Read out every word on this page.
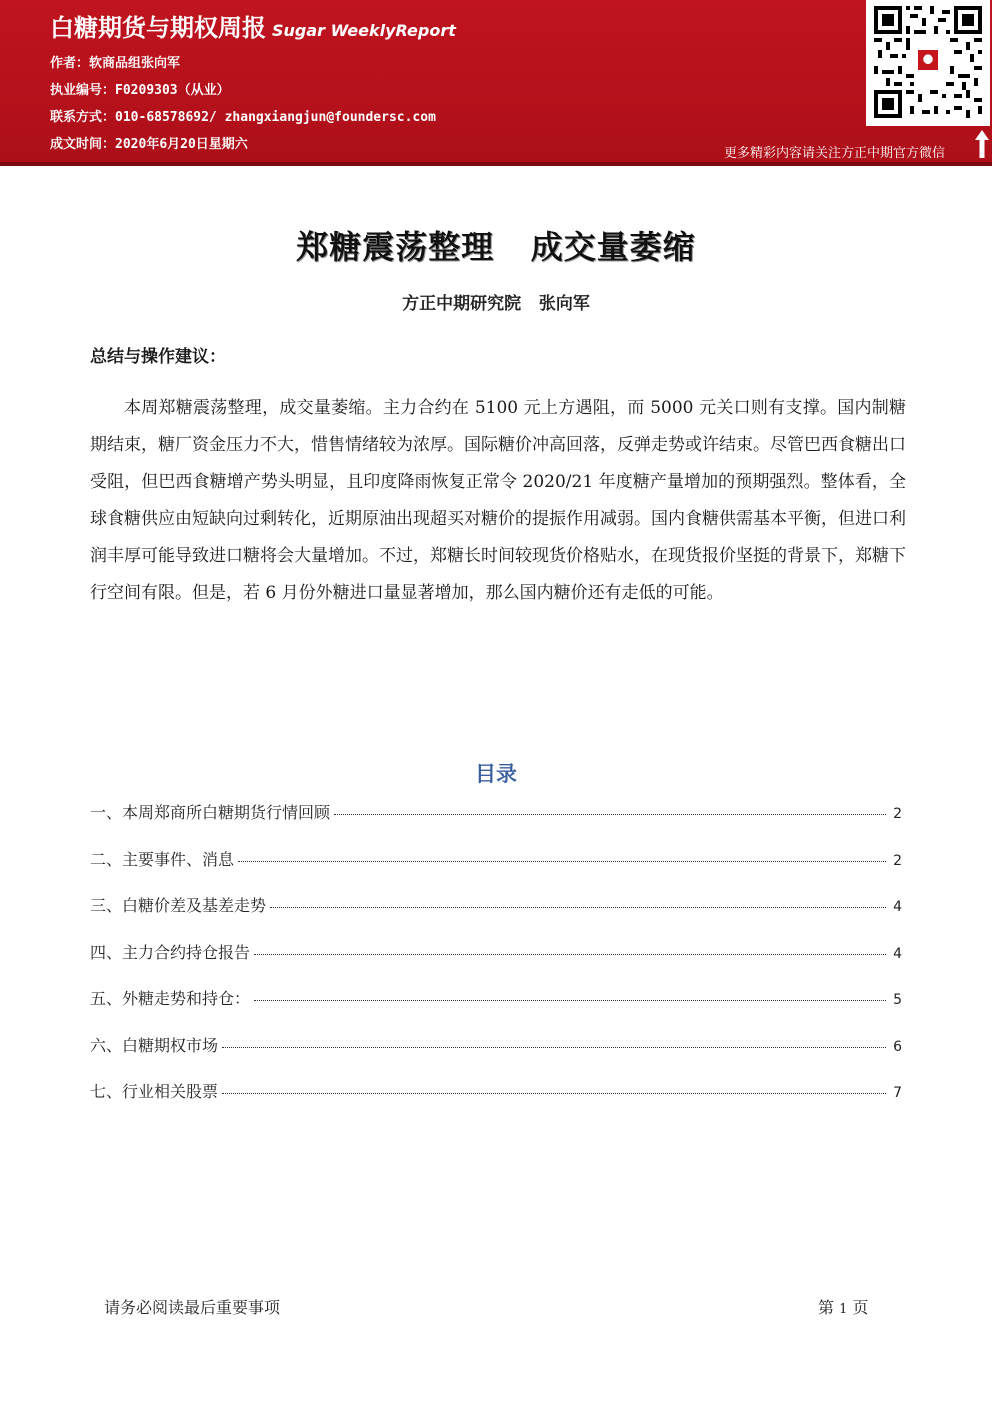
白糖期货与期权周报 Sugar WeeklyReport
作者：软商品组张向军
执业编号：F0209303（从业）
联系方式：010-68578692/ zhangxiangjun@foundersc.com
成文时间：2020年6月20日星期六
更多精彩内容请关注方正中期官方微信
郑糖震荡整理   成交量萎缩
方正中期研究院   张向军
总结与操作建议：

本周郑糖震荡整理，成交量萎缩。主力合约在 5100 元上方遇阻，而 5000 元关口则有支撑。国内制糖期结束，糖厂资金压力不大，惜售情绪较为浓厚。国际糖价冲高回落，反弹走势或许结束。尽管巴西食糖出口受阻，但巴西食糖增产势头明显，且印度降雨恢复正常令 2020/21 年度糖产量增加的预期强烈。整体看，全球食糖供应由短缺向过剩转化，近期原油出现超买对糖价的提振作用减弱。国内食糖供需基本平衡，但进口利润丰厚可能导致进口糖将会大量增加。不过，郑糖长时间较现货价格贴水，在现货报价坚挺的背景下，郑糖下行空间有限。但是，若 6 月份外糖进口量显著增加，那么国内糖价还有走低的可能。

目录
一、本周郑商所白糖期货行情回顾	2
二、主要事件、消息	2
三、白糖价差及基差走势	4
四、主力合约持仓报告	4
五、外糖走势和持仓：	5
六、白糖期权市场	6
七、行业相关股票	7
请务必阅读最后重要事项	第 1 页
